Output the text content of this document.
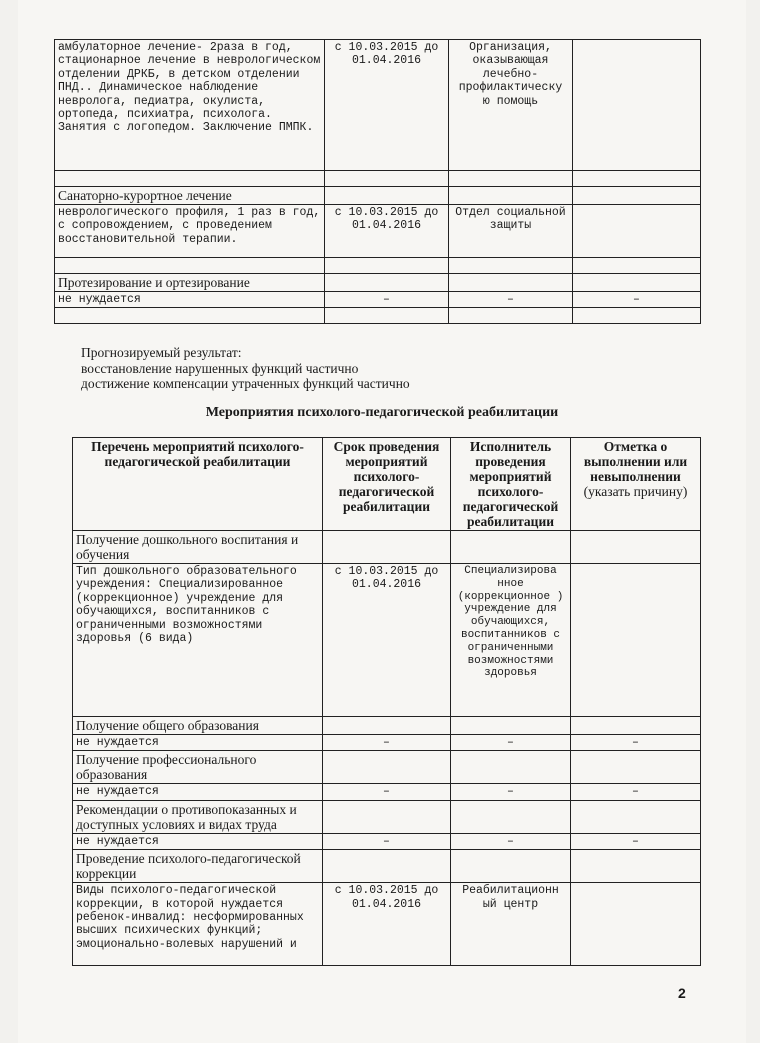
амбулаторное лечение- 2раза в год, стационарное лечение в неврологическом отделении ДРКБ, в детском отделении ПНД.. Динамическое наблюдение невролога, педиатра, окулиста, ортопеда, психиатра, психолога. Занятия с логопедом. Заключение ПМПК.	с 10.03.2015 до 01.04.2016	Организация, оказывающая лечебно-профилактическу ю помощь	

Санаторно-курортное лечение			
неврологического профиля, 1 раз в год, с сопровождением, с проведением восстановительной терапии.	с 10.03.2015 до 01.04.2016	Отдел социальной защиты	

Протезирование и ортезирование			
не нуждается	–	–	–

Прогнозируемый результат:
восстановление нарушенных функций частично
достижение компенсации утраченных функций частично
Мероприятия психолого-педагогической реабилитации
Перечень мероприятий психолого-педагогической реабилитации	Срок проведения мероприятий психолого-педагогической реабилитации	Исполнитель проведения мероприятий психолого-педагогической реабилитации	Отметка о выполнении или невыполнении (указать причину)
Получение дошкольного воспитания и обучения			
Тип дошкольного образовательного учреждения: Специализированное (коррекционное) учреждение для обучающихся, воспитанников с ограниченными возможностями здоровья (6 вида)	с 10.03.2015 до 01.04.2016	Специализирова нное (коррекционное ) учреждение для обучающихся, воспитанников с ограниченными возможностями здоровья	
Получение общего образования			
не нуждается	–	–	–
Получение профессионального образования			
не нуждается	–	–	–
Рекомендации о противопоказанных и доступных условиях и видах труда			
не нуждается	–	–	–
Проведение психолого-педагогической коррекции			
Виды психолого-педагогической коррекции, в которой нуждается ребенок-инвалид: несформированных высших психических функций; эмоционально-волевых нарушений и	с 10.03.2015 до 01.04.2016	Реабилитационн ый центр	
2
